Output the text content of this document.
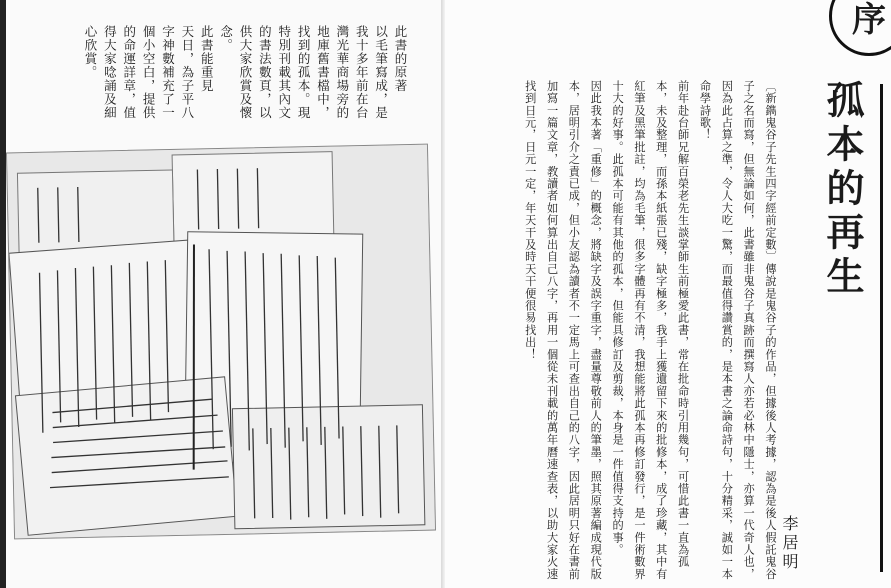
此書的原著
以毛筆寫成，是
我十多年前在台
灣光華商場旁的
地庫舊書檔中，
找到的孤本。現
特別刊載其內文
的書法數頁，以
供大家欣賞及懷
念。
此書能重見
天日，為子平八
字神數補充了一
個小空白，提供
的命運詳章，值
得大家唸誦及細
心欣賞。
序
孤本的再生
〔新鐫鬼谷子先生四字經前定數〕傳說是鬼谷子的作品，但據後人考據，認為是後人假託鬼谷子之名而寫，但無論如何，此書雖非鬼谷子真跡而撰寫人亦若必林中隱士，亦算一代奇人也，因為此占算之準，令人大吃一驚，而最值得讚賞的，是本書之論命詩句，十分精采，誠如一本命學詩歌！
前年赴台師兄解百榮老先生談掌師生前極愛此書，常在批命時引用幾句，可惜此書一直為孤本，未及整理，而孫本紙張已殘，缺字極多，我手上獲遺留下來的批修本，成了珍藏，其中有紅筆及黑筆批註，均為毛筆，很多字體再有不清，我想能將此孤本再修訂發行，是一件術數界十大的好事。此孤本可能有其他的孤本，但能具修訂及剪裁，本身是一件值得支持的事。
因此我本著「重修」的概念，將缺字及誤字重字，盡量尊敬前人的筆墨，照其原著編成現代版本，居明引介之責已成，但小友認為讀者不一定馬上可查出自己的八字，因此居明只好在書前加寫一篇文章，教讀者如何算出自己八字，再用一個從未刊載的萬年曆速查表，以助大家火速找到日元，日元一定，年天干及時天干便很易找出！
李居明
